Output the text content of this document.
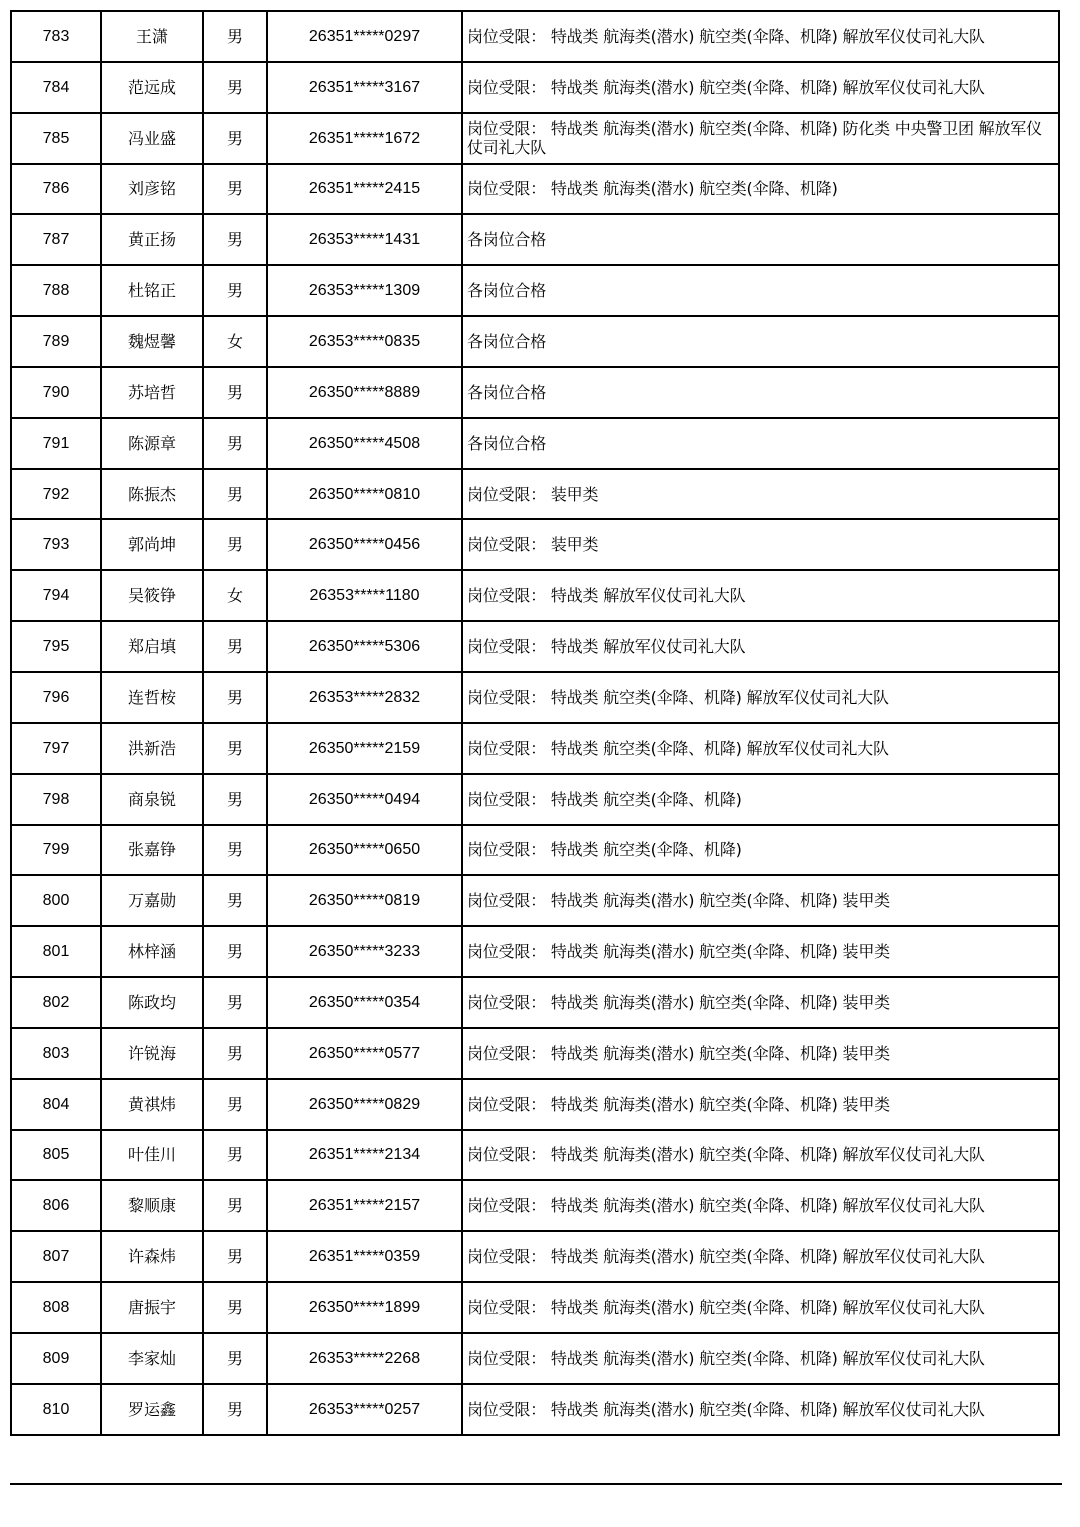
783	王潇	男	26351*****0297	岗位受限： 特战类 航海类(潜水) 航空类(伞降、机降) 解放军仪仗司礼大队
784	范远成	男	26351*****3167	岗位受限： 特战类 航海类(潜水) 航空类(伞降、机降) 解放军仪仗司礼大队
785	冯业盛	男	26351*****1672	岗位受限： 特战类 航海类(潜水) 航空类(伞降、机降) 防化类 中央警卫团 解放军仪仗司礼大队
786	刘彦铭	男	26351*****2415	岗位受限： 特战类 航海类(潜水) 航空类(伞降、机降)
787	黄正扬	男	26353*****1431	各岗位合格
788	杜铭正	男	26353*****1309	各岗位合格
789	魏煜馨	女	26353*****0835	各岗位合格
790	苏培哲	男	26350*****8889	各岗位合格
791	陈源章	男	26350*****4508	各岗位合格
792	陈振杰	男	26350*****0810	岗位受限： 装甲类
793	郭尚坤	男	26350*****0456	岗位受限： 装甲类
794	吴筱铮	女	26353*****1180	岗位受限： 特战类 解放军仪仗司礼大队
795	郑启填	男	26350*****5306	岗位受限： 特战类 解放军仪仗司礼大队
796	连哲桉	男	26353*****2832	岗位受限： 特战类 航空类(伞降、机降) 解放军仪仗司礼大队
797	洪新浩	男	26350*****2159	岗位受限： 特战类 航空类(伞降、机降) 解放军仪仗司礼大队
798	商泉锐	男	26350*****0494	岗位受限： 特战类 航空类(伞降、机降)
799	张嘉铮	男	26350*****0650	岗位受限： 特战类 航空类(伞降、机降)
800	万嘉勋	男	26350*****0819	岗位受限： 特战类 航海类(潜水) 航空类(伞降、机降) 装甲类
801	林梓涵	男	26350*****3233	岗位受限： 特战类 航海类(潜水) 航空类(伞降、机降) 装甲类
802	陈政均	男	26350*****0354	岗位受限： 特战类 航海类(潜水) 航空类(伞降、机降) 装甲类
803	许锐海	男	26350*****0577	岗位受限： 特战类 航海类(潜水) 航空类(伞降、机降) 装甲类
804	黄祺炜	男	26350*****0829	岗位受限： 特战类 航海类(潜水) 航空类(伞降、机降) 装甲类
805	叶佳川	男	26351*****2134	岗位受限： 特战类 航海类(潜水) 航空类(伞降、机降) 解放军仪仗司礼大队
806	黎顺康	男	26351*****2157	岗位受限： 特战类 航海类(潜水) 航空类(伞降、机降) 解放军仪仗司礼大队
807	许森炜	男	26351*****0359	岗位受限： 特战类 航海类(潜水) 航空类(伞降、机降) 解放军仪仗司礼大队
808	唐振宇	男	26350*****1899	岗位受限： 特战类 航海类(潜水) 航空类(伞降、机降) 解放军仪仗司礼大队
809	李家灿	男	26353*****2268	岗位受限： 特战类 航海类(潜水) 航空类(伞降、机降) 解放军仪仗司礼大队
810	罗运鑫	男	26353*****0257	岗位受限： 特战类 航海类(潜水) 航空类(伞降、机降) 解放军仪仗司礼大队
